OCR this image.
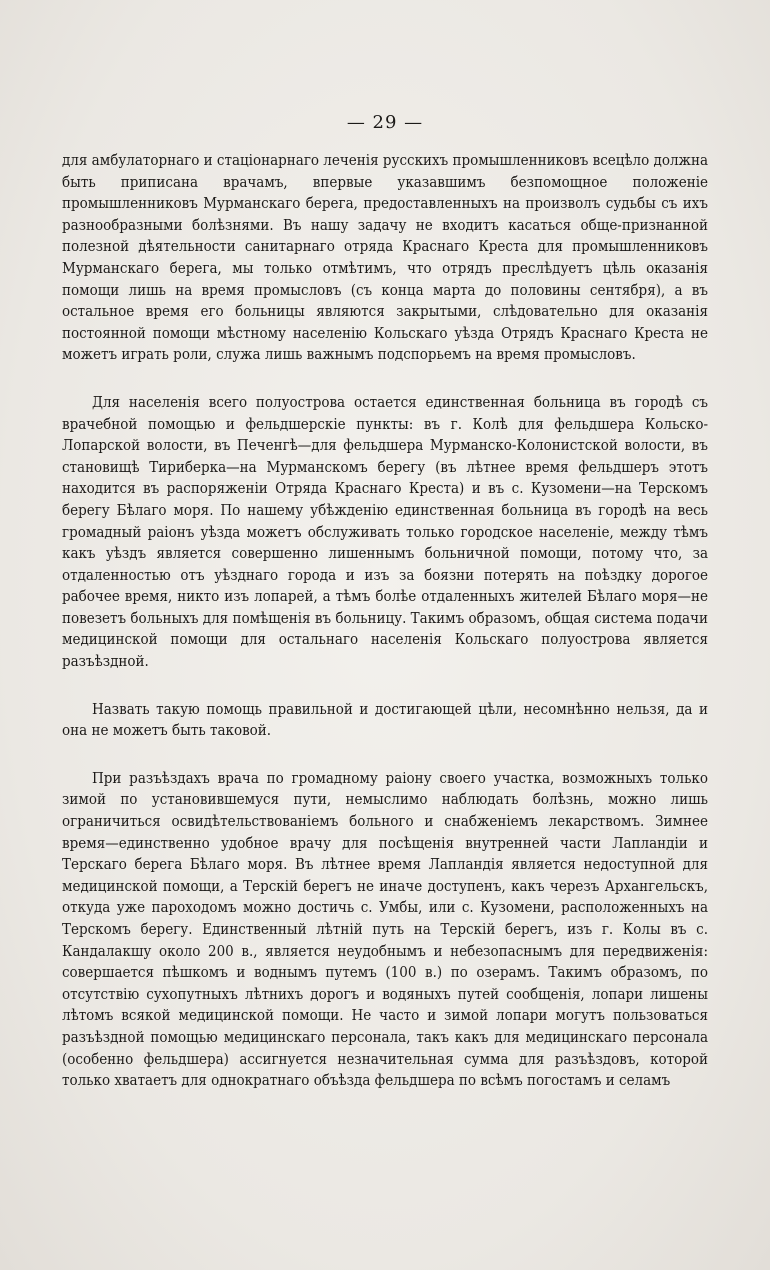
— 29 —

для амбулаторнаго и стаціонарнаго леченія русскихъ промышленниковъ всецѣло должна быть приписана врачамъ, впервые указавшимъ безпомощное положеніе промышленниковъ Мурманскаго берега, предоставленныхъ на произволъ судьбы съ ихъ разнообразными болѣзнями. Въ нашу задачу не входитъ касаться обще-признанной полезной дѣятельности санитарнаго отряда Краснаго Креста для промышленниковъ Мурманскаго берега, мы только отмѣтимъ, что отрядъ преслѣдуетъ цѣль оказанія помощи лишь на время промысловъ (съ конца марта до половины сентября), а въ остальное время его больницы являются закрытыми, слѣдовательно для оказанія постоянной помощи мѣстному населенію Кольскаго уѣзда Отрядъ Краснаго Креста не можетъ играть роли, служа лишь важнымъ подспорьемъ на время промысловъ.

Для населенія всего полуострова остается единственная больница въ городѣ съ врачебной помощью и фельдшерскіе пункты: въ г. Колѣ для фельдшера Кольско-Лопарской волости, въ Печенгѣ—для фельдшера Мурманско-Колонистской волости, въ становищѣ Тириберка—на Мурманскомъ берегу (въ лѣтнее время фельдшеръ этотъ находится въ распоряженіи Отряда Краснаго Креста) и въ с. Кузомени—на Терскомъ берегу Бѣлаго моря. По нашему убѣжденію единственная больница въ городѣ на весь громадный раіонъ уѣзда можетъ обслуживать только городское населеніе, между тѣмъ какъ уѣздъ является совершенно лишеннымъ больничной помощи, потому что, за отдаленностью отъ уѣзднаго города и изъ за боязни потерять на поѣздку дорогое рабочее время, никто изъ лопарей, а тѣмъ болѣе отдаленныхъ жителей Бѣлаго моря—не повезетъ больныхъ для помѣщенія въ больницу. Такимъ образомъ, общая система подачи медицинской помощи для остальнаго населенія Кольскаго полуострова является разъѣздной.

Назвать такую помощь правильной и достигающей цѣли, несомнѣнно нельзя, да и она не можетъ быть таковой.

При разъѣздахъ врача по громадному раіону своего участка, возможныхъ только зимой по установившемуся пути, немыслимо наблюдать болѣзнь, можно лишь ограничиться освидѣтельствованіемъ больного и снабженіемъ лекарствомъ. Зимнее время—единственно удобное врачу для посѣщенія внутренней части Лапландіи и Терскаго берега Бѣлаго моря. Въ лѣтнее время Лапландія является недоступной для медицинской помощи, а Терскій берегъ не иначе доступенъ, какъ черезъ Архангельскъ, откуда уже пароходомъ можно достичь с. Умбы, или с. Кузомени, расположенныхъ на Терскомъ берегу. Единственный лѣтній путь на Терскій берегъ, изъ г. Колы въ с. Кандалакшу около 200 в., является неудобнымъ и небезопаснымъ для передвиженія: совершается пѣшкомъ и воднымъ путемъ (100 в.) по озерамъ. Такимъ образомъ, по отсутствію сухопутныхъ лѣтнихъ дорогъ и водяныхъ путей сообщенія, лопари лишены лѣтомъ всякой медицинской помощи. Не часто и зимой лопари могутъ пользоваться разъѣздной помощью медицинскаго персонала, такъ какъ для медицинскаго персонала (особенно фельдшера) ассигнуется незначительная сумма для разъѣздовъ, которой только хватаетъ для однократнаго объѣзда фельдшера по всѣмъ погостамъ и селамъ
